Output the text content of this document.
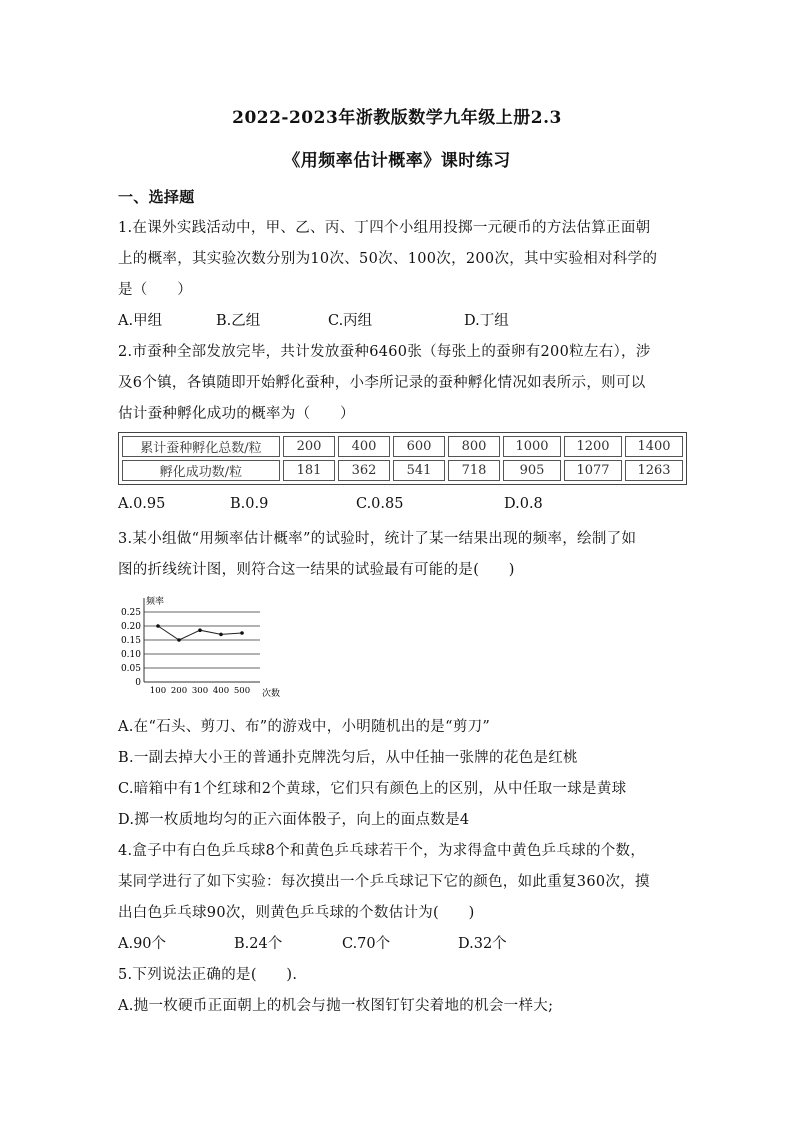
2022-2023年浙教版数学九年级上册2.3
《用频率估计概率》课时练习
一、选择题
1.在课外实践活动中，甲、乙、丙、丁四个小组用投掷一元硬币的方法估算正面朝
上的概率，其实验次数分别为10次、50次、100次，200次，其中实验相对科学的
是（　　）
A.甲组	B.乙组	C.丙组	D.丁组
2.市蚕种全部发放完毕，共计发放蚕种6460张（每张上的蚕卵有200粒左右），涉
及6个镇，各镇随即开始孵化蚕种，小李所记录的蚕种孵化情况如表所示，则可以
估计蚕种孵化成功的概率为（　　）
累计蚕种孵化总数/粒	200	400	600	800	1000	1200	1400
孵化成功数/粒	181	362	541	718	905	1077	1263
A.0.95	B.0.9	C.0.85	D.0.8
3.某小组做“用频率估计概率”的试验时，统计了某一结果出现的频率，绘制了如
图的折线统计图，则符合这一结果的试验最有可能的是(　　)
频率
次数
0.25
0.20
0.15
0.10
0.05
0
100 200 300 400 500
A.在“石头、剪刀、布”的游戏中，小明随机出的是“剪刀”
B.一副去掉大小王的普通扑克牌洗匀后，从中任抽一张牌的花色是红桃
C.暗箱中有1个红球和2个黄球，它们只有颜色上的区别，从中任取一球是黄球
D.掷一枚质地均匀的正六面体骰子，向上的面点数是4
4.盒子中有白色乒乓球8个和黄色乒乓球若干个，为求得盒中黄色乒乓球的个数，
某同学进行了如下实验：每次摸出一个乒乓球记下它的颜色，如此重复360次，摸
出白色乒乓球90次，则黄色乒乓球的个数估计为(　　)
A.90个	B.24个	C.70个	D.32个
5.下列说法正确的是(　　).
A.抛一枚硬币正面朝上的机会与抛一枚图钉钉尖着地的机会一样大;
